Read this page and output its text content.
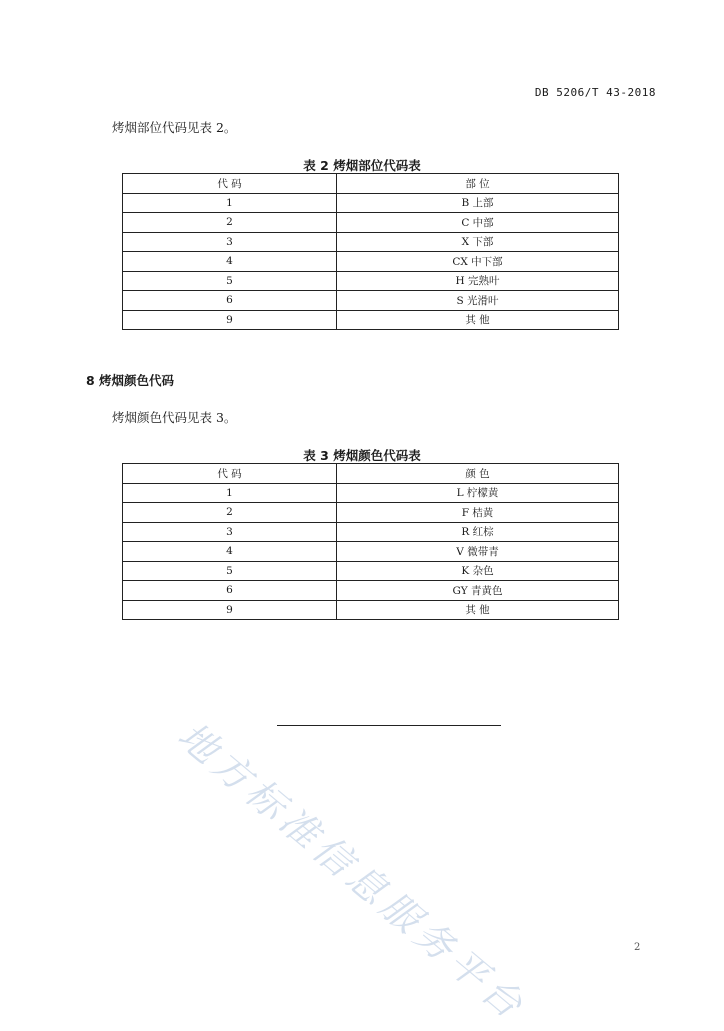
DB 5206/T 43-2018
烤烟部位代码见表 2。
表 2 烤烟部位代码表
代 码	部 位
1	B 上部
2	C 中部
3	X 下部
4	CX 中下部
5	H 完熟叶
6	S 光滑叶
9	其 他
8 烤烟颜色代码
烤烟颜色代码见表 3。
表 3 烤烟颜色代码表
代 码	颜 色
1	L 柠檬黄
2	F 桔黄
3	R 红棕
4	V 微带青
5	K 杂色
6	GY 青黄色
9	其 他
地方标准信息服务平台	2
